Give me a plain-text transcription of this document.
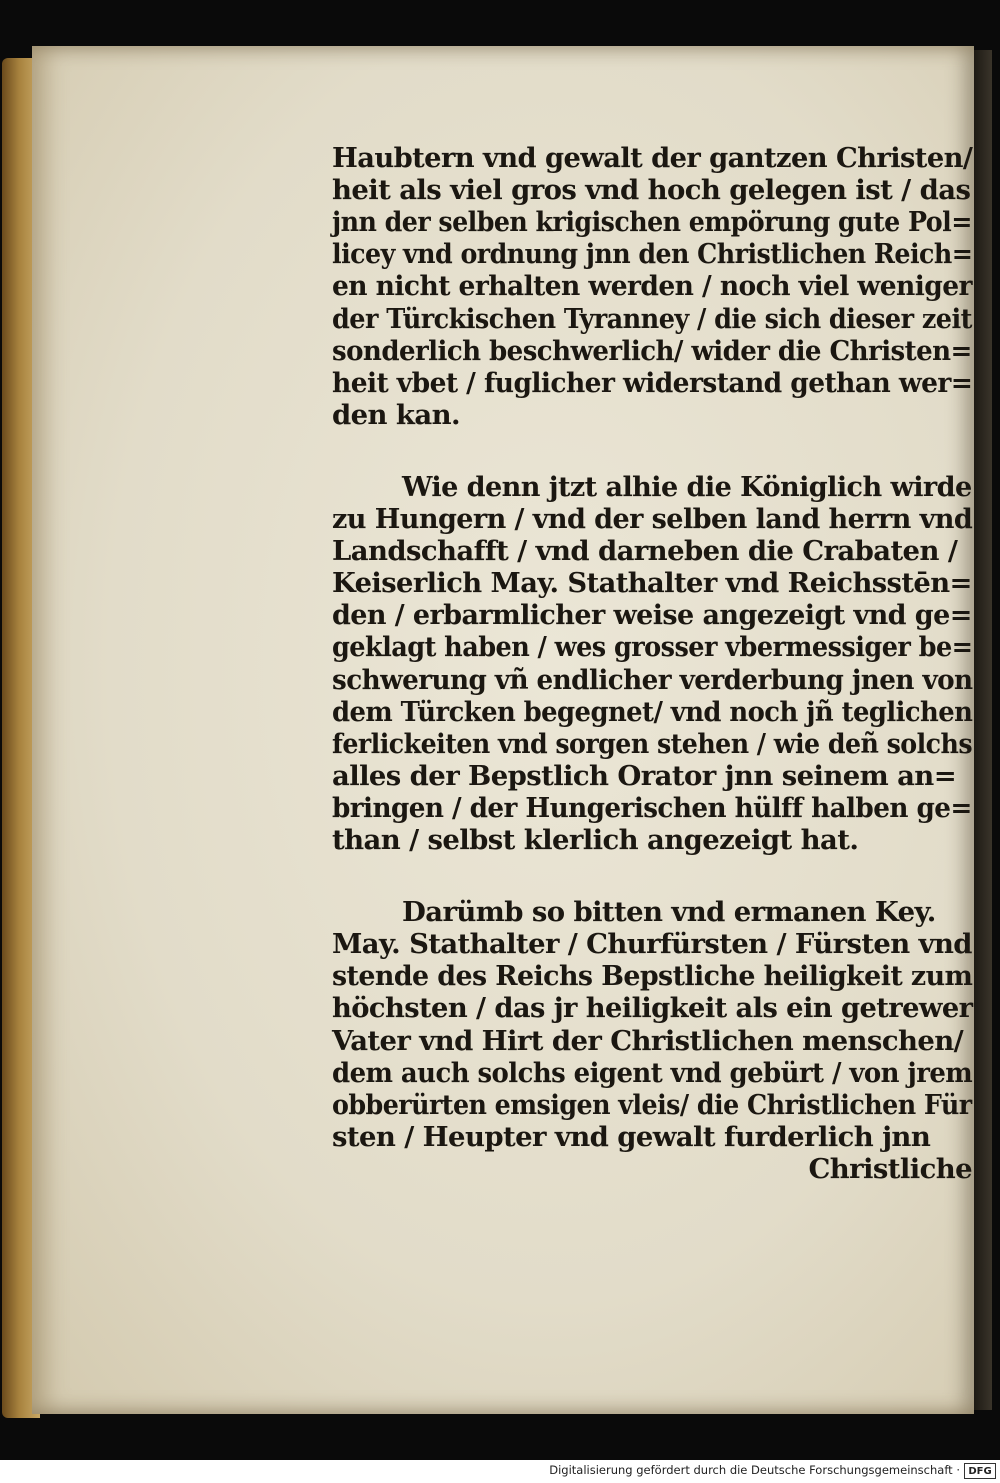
Haubtern vnd gewalt der gantzen Christen/
heit als viel gros vnd hoch gelegen ist / das
jnn der selben krigischen empörung gute Pol=
licey vnd ordnung jnn den Christlichen Reich=
en nicht erhalten werden / noch viel weniger
der Türckischen Tyranney / die sich dieser zeit
sonderlich beschwerlich/ wider die Christen=
heit vbet / fuglicher widerstand gethan wer=
den kan.
Wie denn jtzt alhie die Königlich wirde
zu Hungern / vnd der selben land herrn vnd
Landschafft / vnd darneben die Crabaten /
Keiserlich May. Stathalter vnd Reichsstēn=
den / erbarmlicher weise angezeigt vnd ge=
geklagt haben / wes grosser vbermessiger be=
schwerung vñ endlicher verderbung jnen von
dem Türcken begegnet/ vnd noch jñ teglichen
ferlickeiten vnd sorgen stehen / wie deñ solchs
alles der Bepstlich Orator jnn seinem an=
bringen / der Hungerischen hülff halben ge=
than / selbst klerlich angezeigt hat.
Darümb so bitten vnd ermanen Key.
May. Stathalter / Churfürsten / Fürsten vnd
stende des Reichs Bepstliche heiligkeit zum
höchsten / das jr heiligkeit als ein getrewer
Vater vnd Hirt der Christlichen menschen/
dem auch solchs eigent vnd gebürt / von jrem
obberürten emsigen vleis/ die Christlichen Für
sten / Heupter vnd gewalt furderlich jnn
Christliche
Digitalisierung gefördert durch die Deutsche Forschungsgemeinschaft · DFG
